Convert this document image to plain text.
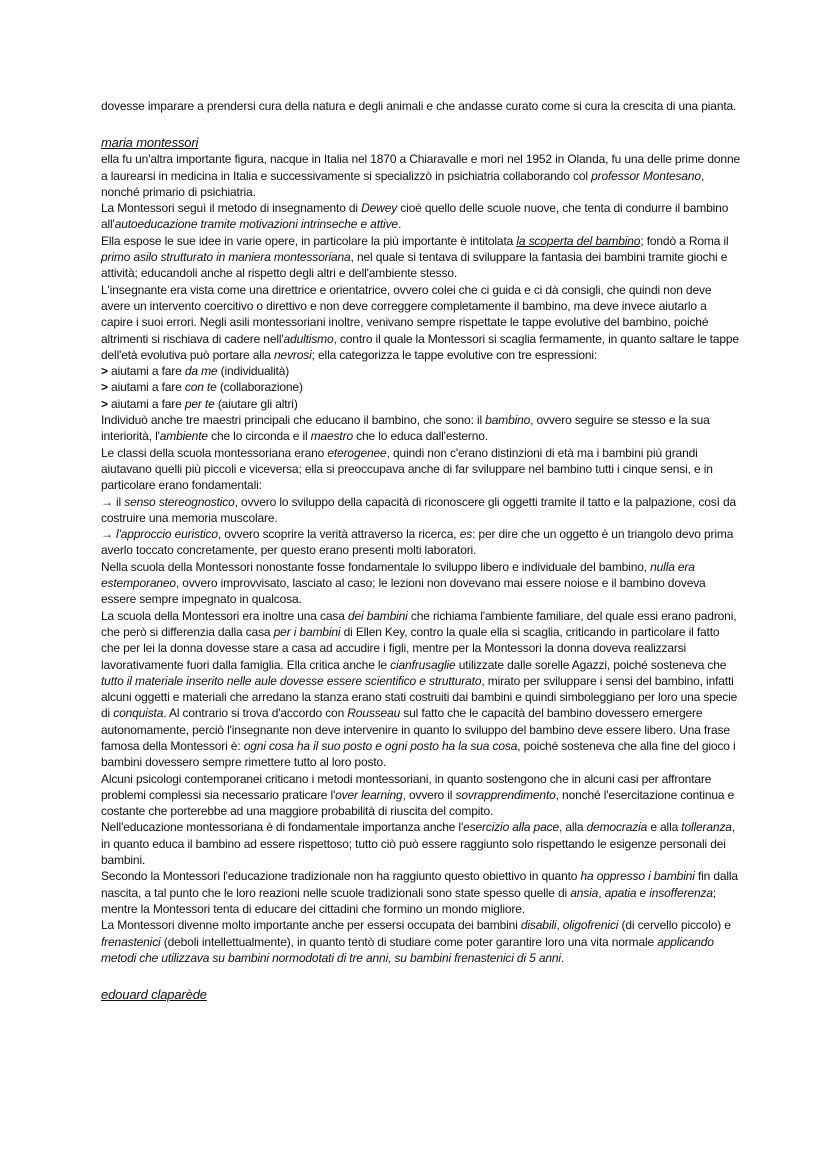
dovesse imparare a prendersi cura della natura e degli animali e che andasse curato come si cura la crescita di una pianta.

maria montessori

ella fu un'altra importante figura, nacque in Italia nel 1870 a Chiaravalle e morì nel 1952 in Olanda, fu una delle prime donne a laurearsi in medicina in Italia e successivamente si specializzò in psichiatria collaborando col professor Montesano, nonché primario di psichiatria.

La Montessori seguì il metodo di insegnamento di Dewey cioè quello delle scuole nuove, che tenta di condurre il bambino all'autoeducazione tramite motivazioni intrinseche e attive.

Ella espose le sue idee in varie opere, in particolare la più importante è intitolata la scoperta del bambino; fondò a Roma il primo asilo strutturato in maniera montessoriana, nel quale si tentava di sviluppare la fantasia dei bambini tramite giochi e attività; educandoli anche al rispetto degli altri e dell'ambiente stesso.

L'insegnante era vista come una direttrice e orientatrice, ovvero colei che ci guida e ci dà consigli, che quindi non deve avere un intervento coercitivo o direttivo e non deve correggere completamente il bambino, ma deve invece aiutarlo a capire i suoi errori. Negli asili montessoriani inoltre, venivano sempre rispettate le tappe evolutive del bambino, poiché altrimenti si rischiava di cadere nell'adultismo, contro il quale la Montessori si scaglia fermamente, in quanto saltare le tappe dell'età evolutiva può portare alla nevrosi; ella categorizza le tappe evolutive con tre espressioni:

> aiutami a fare da me (individualità)

> aiutami a fare con te (collaborazione)

> aiutami a fare per te (aiutare gli altri)

Individuò anche tre maestri principali che educano il bambino, che sono: il bambino, ovvero seguire se stesso e la sua interiorità, l'ambiente che lo circonda e il maestro che lo educa dall'esterno.

Le classi della scuola montessoriana erano eterogenee, quindi non c'erano distinzioni di età ma i bambini più grandi aiutavano quelli più piccoli e viceversa; ella si preoccupava anche di far sviluppare nel bambino tutti i cinque sensi, e in particolare erano fondamentali:

→ il senso stereognostico, ovvero lo sviluppo della capacità di riconoscere gli oggetti tramite il tatto e la palpazione, così da costruire una memoria muscolare.

→ l'approccio euristico, ovvero scoprire la verità attraverso la ricerca, es: per dire che un oggetto è un triangolo devo prima averlo toccato concretamente, per questo erano presenti molti laboratori.

Nella scuola della Montessori nonostante fosse fondamentale lo sviluppo libero e individuale del bambino, nulla era estemporaneo, ovvero improvvisato, lasciato al caso; le lezioni non dovevano mai essere noiose e il bambino doveva essere sempre impegnato in qualcosa.

La scuola della Montessori era inoltre una casa dei bambini che richiama l'ambiente familiare, del quale essi erano padroni, che però si differenzia dalla casa per i bambini di Ellen Key, contro la quale ella si scaglia, criticando in particolare il fatto che per lei la donna dovesse stare a casa ad accudire i figli, mentre per la Montessori la donna doveva realizzarsi lavorativamente fuori dalla famiglia. Ella critica anche le cianfrusaglie utilizzate dalle sorelle Agazzi, poiché sosteneva che tutto il materiale inserito nelle aule dovesse essere scientifico e strutturato, mirato per sviluppare i sensi del bambino, infatti alcuni oggetti e materiali che arredano la stanza erano stati costruiti dai bambini e quindi simboleggiano per loro una specie di conquista. Al contrario si trova d'accordo con Rousseau sul fatto che le capacità del bambino dovessero emergere autonomamente, perciò l'insegnante non deve intervenire in quanto lo sviluppo del bambino deve essere libero. Una frase famosa della Montessori è: ogni cosa ha il suo posto e ogni posto ha la sua cosa, poiché sosteneva che alla fine del gioco i bambini dovessero sempre rimettere tutto al loro posto.

Alcuni psicologi contemporanei criticano i metodi montessoriani, in quanto sostengono che in alcuni casi per affrontare problemi complessi sia necessario praticare l'over learning, ovvero il sovrapprendimento, nonché l'esercitazione continua e costante che porterebbe ad una maggiore probabilità di riuscita del compito.

Nell'educazione montessoriana è di fondamentale importanza anche l'esercizio alla pace, alla democrazia e alla tolleranza, in quanto educa il bambino ad essere rispettoso; tutto ciò può essere raggiunto solo rispettando le esigenze personali dei bambini.

Secondo la Montessori l'educazione tradizionale non ha raggiunto questo obiettivo in quanto ha oppresso i bambini fin dalla nascita, a tal punto che le loro reazioni nelle scuole tradizionali sono state spesso quelle di ansia, apatia e insofferenza; mentre la Montessori tenta di educare dei cittadini che formino un mondo migliore.

La Montessori divenne molto importante anche per essersi occupata dei bambini disabili, oligofrenici (di cervello piccolo) e frenastenici (deboli intellettualmente), in quanto tentò di studiare come poter garantire loro una vita normale applicando metodi che utilizzava su bambini normodotati di tre anni, su bambini frenastenici di 5 anni.

edouard claparède
